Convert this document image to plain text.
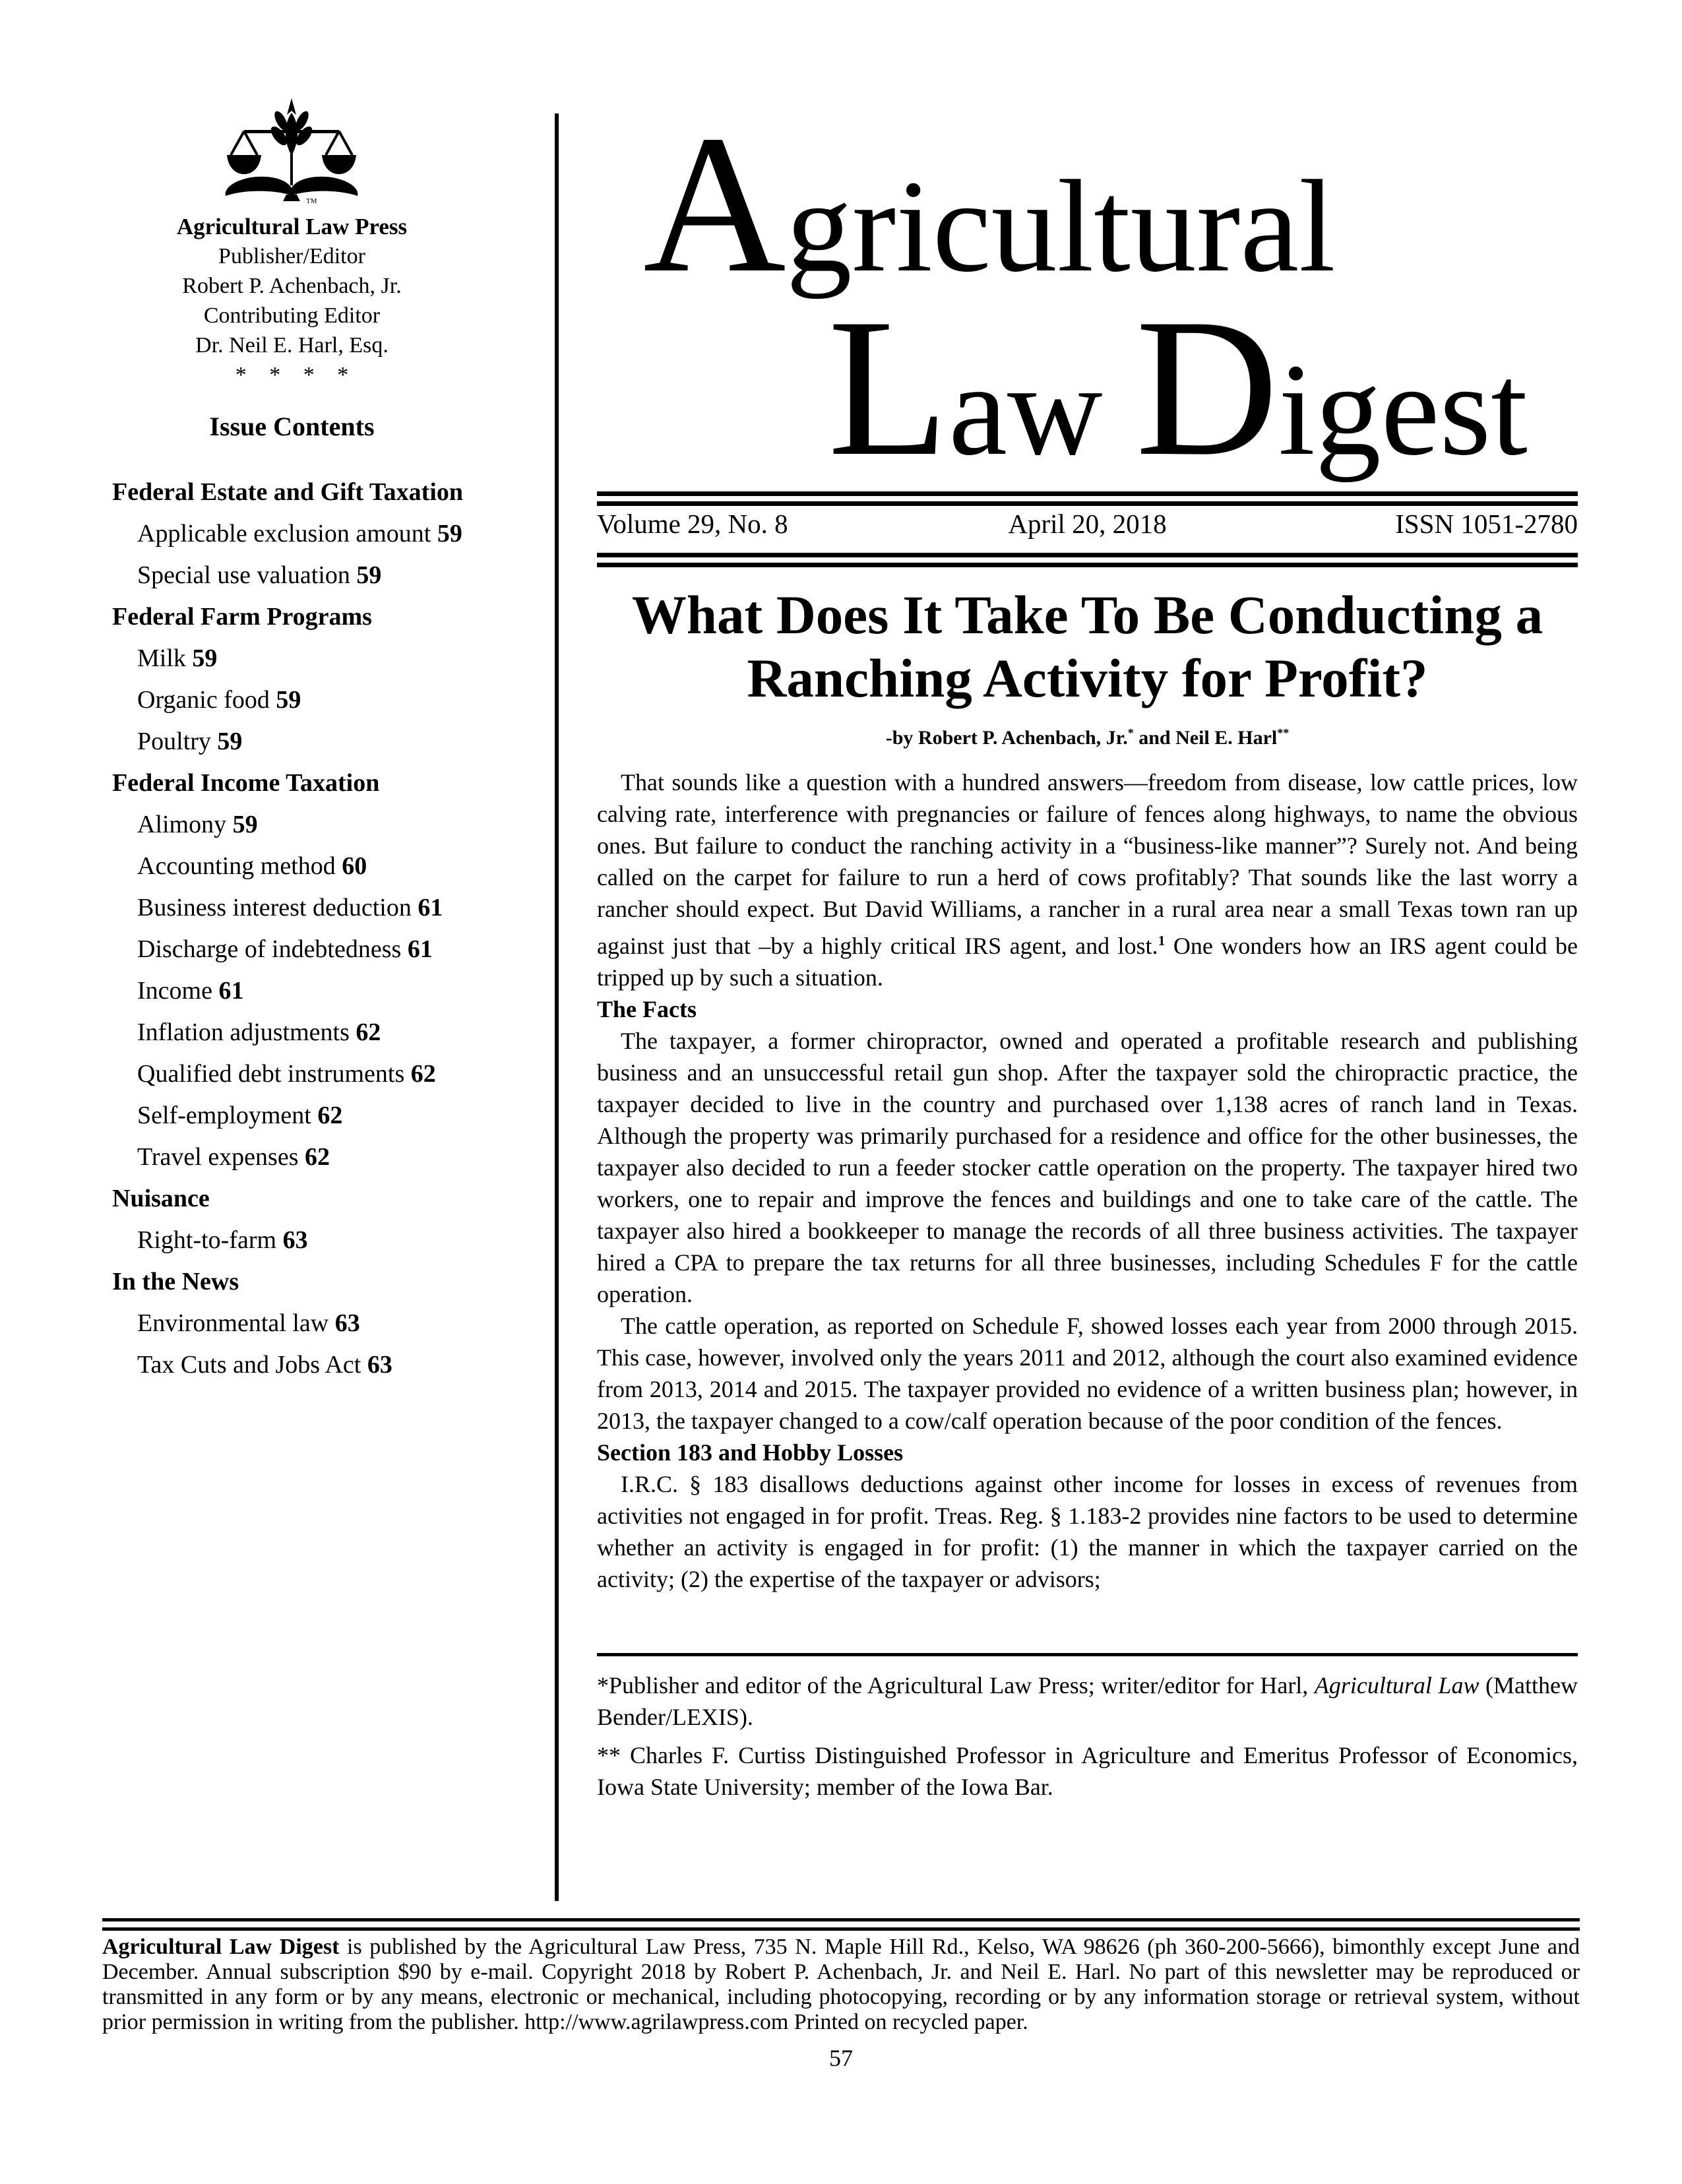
TM
Agricultural Law Press
Publisher/Editor
Robert P. Achenbach, Jr.
Contributing Editor
Dr. Neil E. Harl, Esq.
* * * *
Issue Contents
Federal Estate and Gift Taxation
Applicable exclusion amount 59
Special use valuation 59
Federal Farm Programs
Milk 59
Organic food 59
Poultry 59
Federal Income Taxation
Alimony 59
Accounting method 60
Business interest deduction 61
Discharge of indebtedness 61
Income 61
Inflation adjustments 62
Qualified debt instruments 62
Self-employment 62
Travel expenses 62
Nuisance
Right-to-farm 63
In the News
Environmental law 63
Tax Cuts and Jobs Act 63
Agricultural
Law Digest
Volume 29, No. 8	April 20, 2018	ISSN 1051-2780
What Does It Take To Be Conducting a
Ranching Activity for Profit?
-by Robert P. Achenbach, Jr.* and Neil E. Harl**

That sounds like a question with a hundred answers—freedom from disease, low cattle prices, low calving rate, interference with pregnancies or failure of fences along highways, to name the obvious ones. But failure to conduct the ranching activity in a “business-like manner”? Surely not. And being called on the carpet for failure to run a herd of cows profitably? That sounds like the last worry a rancher should expect. But David Williams, a rancher in a rural area near a small Texas town ran up against just that –by a highly critical IRS agent, and lost.$^1$ One wonders how an IRS agent could be tripped up by such a situation.

The Facts

The taxpayer, a former chiropractor, owned and operated a profitable research and publishing business and an unsuccessful retail gun shop. After the taxpayer sold the chiropractic practice, the taxpayer decided to live in the country and purchased over 1,138 acres of ranch land in Texas. Although the property was primarily purchased for a residence and office for the other businesses, the taxpayer also decided to run a feeder stocker cattle operation on the property. The taxpayer hired two workers, one to repair and improve the fences and buildings and one to take care of the cattle. The taxpayer also hired a bookkeeper to manage the records of all three business activities. The taxpayer hired a CPA to prepare the tax returns for all three businesses, including Schedules F for the cattle operation.

The cattle operation, as reported on Schedule F, showed losses each year from 2000 through 2015. This case, however, involved only the years 2011 and 2012, although the court also examined evidence from 2013, 2014 and 2015. The taxpayer provided no evidence of a written business plan; however, in 2013, the taxpayer changed to a cow/calf operation because of the poor condition of the fences.

Section 183 and Hobby Losses

I.R.C. § 183 disallows deductions against other income for losses in excess of revenues from activities not engaged in for profit. Treas. Reg. § 1.183-2 provides nine factors to be used to determine whether an activity is engaged in for profit: (1) the manner in which the taxpayer carried on the activity; (2) the expertise of the taxpayer or advisors;

*Publisher and editor of the Agricultural Law Press; writer/editor for Harl, Agricultural Law (Matthew Bender/LEXIS).

** Charles F. Curtiss Distinguished Professor in Agriculture and Emeritus Professor of Economics, Iowa State University; member of the Iowa Bar.

Agricultural Law Digest is published by the Agricultural Law Press, 735 N. Maple Hill Rd., Kelso, WA 98626 (ph 360-200-5666), bimonthly except June and December. Annual subscription $90 by e-mail. Copyright 2018 by Robert P. Achenbach, Jr. and Neil E. Harl. No part of this newsletter may be reproduced or transmitted in any form or by any means, electronic or mechanical, including photocopying, recording or by any information storage or retrieval system, without prior permission in writing from the publisher. http://www.agrilawpress.com Printed on recycled paper.

57
